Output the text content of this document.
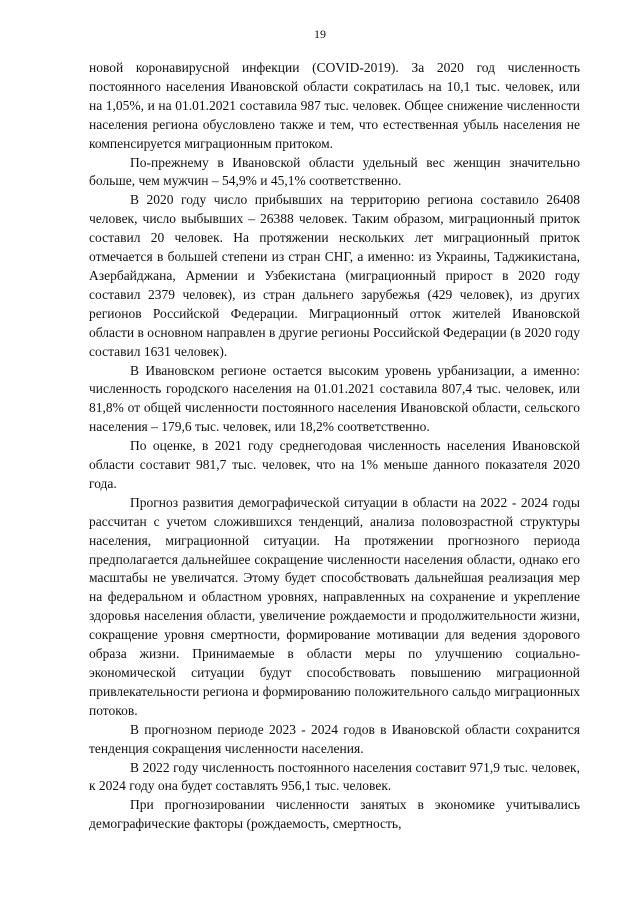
19

новой коронавирусной инфекции (COVID-2019). За 2020 год численность постоянного населения Ивановской области сократилась на 10,1 тыс. человек, или на 1,05%, и на 01.01.2021 составила 987 тыс. человек. Общее снижение численности населения региона обусловлено также и тем, что естественная убыль населения не компенсируется миграционным притоком.

По-прежнему в Ивановской области удельный вес женщин значительно больше, чем мужчин – 54,9% и 45,1% соответственно.

В 2020 году число прибывших на территорию региона составило 26408 человек, число выбывших – 26388 человек. Таким образом, миграционный приток составил 20 человек. На протяжении нескольких лет миграционный приток отмечается в большей степени из стран СНГ, а именно: из Украины, Таджикистана, Азербайджана, Армении и Узбекистана (миграционный прирост в 2020 году составил 2379 человек), из стран дальнего зарубежья (429 человек), из других регионов Российской Федерации. Миграционный отток жителей Ивановской области в основном направлен в другие регионы Российской Федерации (в 2020 году составил 1631 человек).

В Ивановском регионе остается высоким уровень урбанизации, а именно: численность городского населения на 01.01.2021 составила 807,4 тыс. человек, или 81,8% от общей численности постоянного населения Ивановской области, сельского населения – 179,6 тыс. человек, или 18,2% соответственно.

По оценке, в 2021 году среднегодовая численность населения Ивановской области составит 981,7 тыс. человек, что на 1% меньше данного показателя 2020 года.

Прогноз развития демографической ситуации в области на 2022 - 2024 годы рассчитан с учетом сложившихся тенденций, анализа половозрастной структуры населения, миграционной ситуации. На протяжении прогнозного периода предполагается дальнейшее сокращение численности населения области, однако его масштабы не увеличатся. Этому будет способствовать дальнейшая реализация мер на федеральном и областном уровнях, направленных на сохранение и укрепление здоровья населения области, увеличение рождаемости и продолжительности жизни, сокращение уровня смертности, формирование мотивации для ведения здорового образа жизни. Принимаемые в области меры по улучшению социально-экономической ситуации будут способствовать повышению миграционной привлекательности региона и формированию положительного сальдо миграционных потоков.

В прогнозном периоде 2023 - 2024 годов в Ивановской области сохранится тенденция сокращения численности населения.

В 2022 году численность постоянного населения составит 971,9 тыс. человек, к 2024 году она будет составлять 956,1 тыс. человек.

При прогнозировании численности занятых в экономике учитывались демографические факторы (рождаемость, смертность,
